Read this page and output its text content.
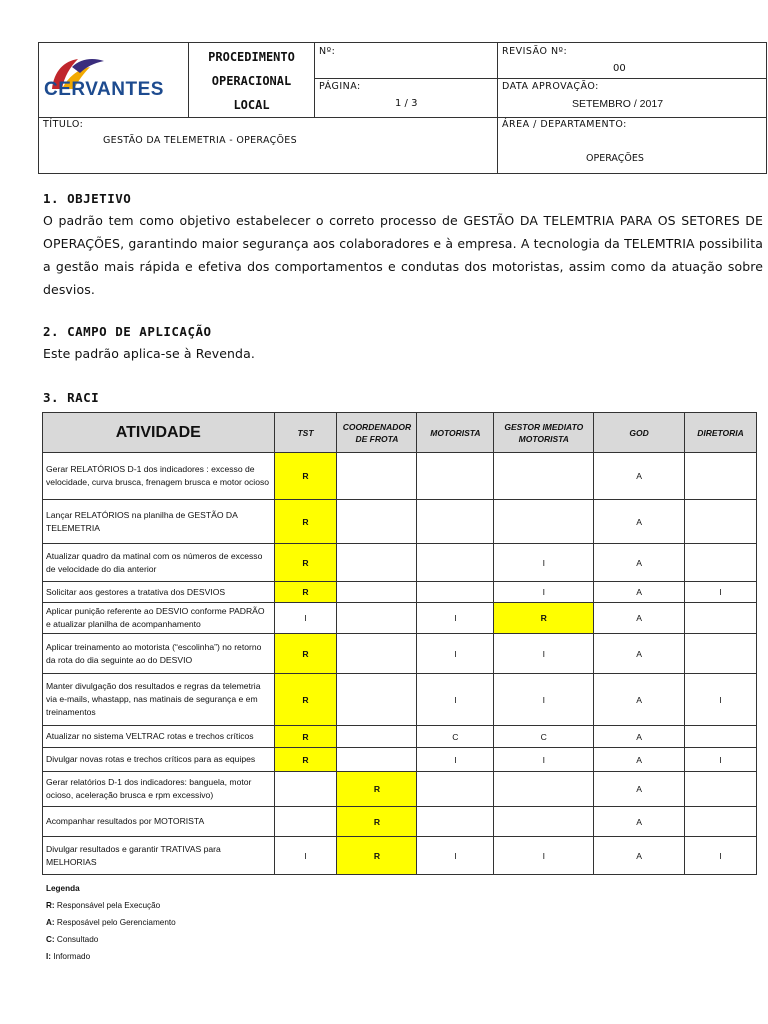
CERVANTES
PROCEDIMENTO
OPERACIONAL
LOCAL
Nº:	REVISÃO Nº:
00
PÁGINA:
1 / 3
DATA APROVAÇÃO:
SETEMBRO / 2017
TÍTULO:
GESTÃO DA TELEMETRIA - OPERAÇÕES
ÁREA / DEPARTAMENTO:
OPERAÇÕES
1. OBJETIVO
O padrão tem como objetivo estabelecer o correto processo de GESTÃO DA TELEMTRIA PARA OS SETORES DE OPERAÇÕES, garantindo maior segurança aos colaboradores e à empresa. A tecnologia da TELEMTRIA possibilita a gestão mais rápida e efetiva dos comportamentos e condutas dos motoristas, assim como da atuação sobre desvios.
2. CAMPO DE APLICAÇÃO
Este padrão aplica-se à Revenda.
3. RACI
ATIVIDADE	TST	COORDENADOR DE FROTA	MOTORISTA	GESTOR IMEDIATO MOTORISTA	GOD	DIRETORIA
Gerar RELATÓRIOS D-1 dos indicadores : excesso de velocidade, curva brusca, frenagem brusca e motor ocioso	R				A	
Lançar RELATÓRIOS na planilha de GESTÃO DA TELEMETRIA	R				A	
Atualizar quadro da matinal com os números de excesso de velocidade do dia anterior	R			I	A	
Solicitar aos gestores a tratativa dos DESVIOS	R			I	A	I
Aplicar punição referente ao DESVIO conforme PADRÃO e atualizar planilha de acompanhamento	I		I	R	A	
Aplicar treinamento ao motorista (“escolinha”) no retorno da rota do dia seguinte ao do DESVIO	R		I	I	A	
Manter divulgação dos resultados e regras da telemetria via e-mails, whastapp, nas matinais de segurança e em treinamentos	R		I	I	A	I
Atualizar no sistema VELTRAC rotas e trechos críticos	R		C	C	A	
Divulgar novas rotas e trechos críticos para as equipes	R		I	I	A	I
Gerar relatórios D-1 dos indicadores: banguela, motor ocioso, aceleração brusca e rpm excessivo)		R			A	
Acompanhar resultados por MOTORISTA		R			A	
Divulgar resultados e garantir TRATIVAS para MELHORIAS	I	R	I	I	A	I
Legenda
R: Responsável pela Execução
A: Resposável pelo Gerenciamento
C: Consultado
I: Informado
